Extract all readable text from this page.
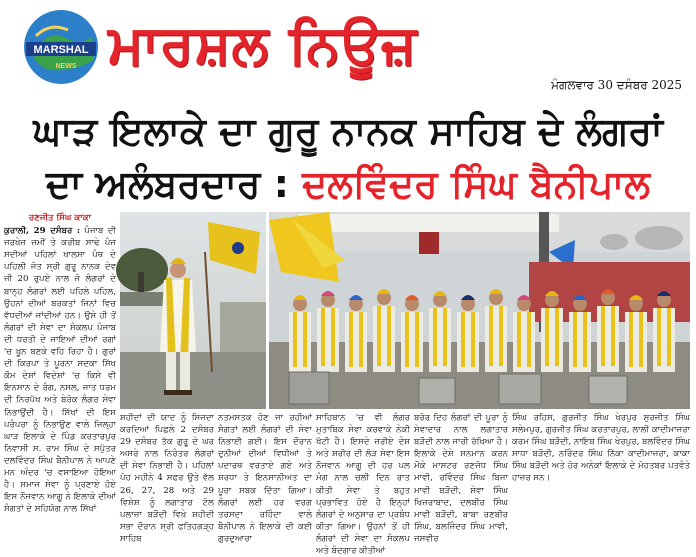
MARSHAL
NEWS ਮਾਰਸ਼ਲ ਨਿਊਜ਼
ਮੰਗਲਵਾਰ 30 ਦਸੰਬਰ 2025
ਘਾੜ ਇਲਾਕੇ ਦਾ ਗੁਰੂ ਨਾਨਕ ਸਾਹਿਬ ਦੇ ਲੰਗਰਾਂ
ਦਾ ਅਲੰਬਰਦਾਰ : ਦਲਵਿੰਦਰ ਸਿੰਘ ਬੈਨੀਪਾਲ
ਰਣਜੀਤ ਸਿੰਘ ਕਾਕਾ
ਕੁਰਾਲੀ, 29 ਦਸੰਬਰ : ਪੰਜਾਬ ਦੀ ਜਰਖੇਜ਼ ਜ਼ਮੀਂ ਤੇ ਕਰੀਬ ਸਾਢੇ ਪੰਜ ਸਦੀਆਂ ਪਹਿਲਾਂ ਖਾਲਸਾ ਪੰਥ ਦੇ ਪਹਿਲੀ ਜੋਤ ਸ੍ਰੀ ਗੁਰੂ ਨਾਨਕ ਦੇਵ ਜੀ 20 ਰੁਪਏ ਨਾਲ ਜੋ ਲੰਗਰਾਂ ਦੇ ਬਾਨ੍ਹ ਲੰਗਰਾਂ ਲਈ ਪਹਿਲੇ ਪਹਿਲ, ਉਹਨਾਂ ਦੀਆਂ ਬਰਕਤਾਂ ਜਿਨਾਂ ਵਿਚ ਵੱਧਦੀਆਂ ਜਾਂਦੀਆਂ ਹਨ। ਉਸੇ ਹੀ ਤੋਂ ਲੰਗਰਾਂ ਦੀ ਸੇਵਾ ਦਾ ਸੰਕਲਪ ਪੰਜਾਬ ਦੀ ਧਰਤੀ ਦੇ ਜਾਇਆਂ ਦੀਆਂ ਰਗਾਂ 'ਚ ਖੂਨ ਬਣਕੇ ਵਹਿ ਰਿਹਾ ਹੈ। ਗੁਰਾਂ ਦੀ ਕਿਰਪਾ ਤੇ ਪੂਰਨਾ ਸਦਕਾ ਸਿੱਖ ਕੌਮ ਦੇਸ਼ਾਂ ਵਿਦੇਸ਼ਾਂ 'ਚ ਕਿਸੇ ਵੀ ਇਨਸਾਨ ਦੇ ਰੰਗ, ਨਸਲ, ਜਾਤ ਧਰਮ ਦੀ ਨਿਰਪੱਖ ਅਤੇ ਬੇਰੋਕ ਲੰਗਰ ਸੇਵਾ ਨਿਭਾਉਂਦੀ ਹੈ। ਸਿੱਖਾਂ ਦੀ ਇਸ ਪਰੰਪਰਾ ਨੂੰ ਨਿਭਾਉਣ ਵਾਲੇ ਜ਼ਿਲ੍ਹਾ ਘਾੜ ਇਲਾਕੇ ਦੇ ਪਿੰਡ ਕਰਤਾਰਪੁਰ ਨਿਵਾਸੀ ਸ. ਰਾਮ ਸਿੰਘ ਦੇ ਸਪੁੱਤਰ ਦਲਵਿੰਦਰ ਸਿੰਘ ਬੈਨੀਪਾਲ ਨੇ ਆਪਣੇ ਮਨ ਅੰਦਰ 'ਚ ਵਸਾਇਆ ਹੋਇਆ ਹੈ। ਸਮਾਜ ਸੇਵਾ ਨੂੰ ਪ੍ਰਣਾਏ ਹੋਏ ਇਸ ਨੌਜਵਾਨ ਆਗੂ ਨੇ ਇਲਾਕੇ ਦੀਆਂ ਸੰਗਤਾਂ ਦੇ ਸਹਿਯੋਗ ਨਾਲ ਸਿੱਖਾਂ
ਸ਼ਹੀਦਾਂ ਦੀ ਯਾਦ ਨੂੰ ਸਿਜਦਾ ਕਰਦਿਆਂ ਪਿਛਲੇ 2 ਦਸੰਬਰ 29 ਦਸੰਬਰ ਤੱਕ ਗੁਰੂ ਦੇ ਘਰ ਅਸਰੇ ਨਾਲ ਨਿਰੰਤਰ ਲੰਗਰਾਂ ਦੀ ਸੇਵਾ ਨਿਭਾਈ ਹੈ। ਪਹਿਲਾਂ ਪੋਹ ਮਹੀਨੇ 4 ਸਫਰ ਉਤੇ ਵੱਲ 26, 27, 28 ਅਤੇ 29 ਵਿਸ਼ੇਸ਼ ਨੂੰ ਲਗਾਤਾਰ ਟੋਲ ਪਲਾਜ਼ਾ ਬੜੌਦੀ ਵਿਖੇ ਸ਼ਹੀਦੀ ਸਭਾ ਦੌਰਾਨ ਸ੍ਰੀ ਫਤਿਹਗੜ੍ਹ ਸਾਹਿਬ
ਨਤਮਸਤਕ ਹੋਣ ਜਾ ਰਹੀਆਂ ਸੰਗਤਾਂ ਲਈ ਲੰਗਰਾਂ ਦੀ ਸੇਵਾ ਨਿਭਾਈ ਗਈ। ਇਸ ਦੌਰਾਨ ਦੁਨੀਆਂ ਦੀਆਂ ਵਿਧੀਆਂ ਤੇ ਪਦਾਰਥ ਵਰਤਾਏ ਗਏ ਅਤੇ ਸ਼ਰਧਾ ਤੇ ਇਨਸਾਨੀਅਤ ਦਾ ਪੂਰਾ ਸਬਕ ਦਿੱਤਾ ਗਿਆ। ਲੰਗਰਾਂ ਲਈ ਹਰ ਵਰਗ ਤਰਸਦਾ ਰਹਿੰਦਾ ਵਾਲੇ ਬੈਨੀਪਾਲ ਨੇ ਇਲਾਕੇ ਦੀ ਕਈ ਗੁਰਦੁਆਰਾ
ਸਾਹਿਬਾਨ 'ਚ ਵੀ ਲੰਗਰ ਮੁਤਾਬਿਕ ਸੇਵਾ ਕਰਵਾਕੇ ਨੇਕੀ ਖੱਟੀ ਹੈ। ਇਸਦੇ ਜ਼ਰੀਏ ਦੇਸ਼ ਅਤੇ ਸ਼ਰੀਰ ਦੀ ਲੋੜ ਸੇਵਾ ਇਸ ਨੌਜਵਾਨ ਆਗੂ ਦੀ ਹਰ ਪਲ ਮੰਗ ਨਾਲ ਚਲੀ ਦਿਨ ਰਾਤ ਕੀਤੀ ਸੇਵਾ ਤੇ ਬਹੁਤ ਪ੍ਰਭਾਵਿਤ ਹੋਏ ਹੈ ਇਨ੍ਹਾਂ ਲੰਗਰਾਂ ਦੇ ਅਨੁਸਾਰ ਦਾ ਪ੍ਰਬੰਧ ਕੀਤਾ ਗਿਆ। ਉਹਨਾਂ ਤੋਂ ਹੀ ਲੰਗਰਾਂ ਦੀ ਸੇਵਾ ਦਾ ਸੰਕਲਪ ਅਤੇ ਬੰਦਗਾਰ ਕੀਤੀਆਂ
ਬਰੋਰ ਦਿਹ ਲੰਗਰਾਂ ਦੀ ਪੂਰਾ ਨੂੰ ਸੇਵਾਦਾਰ ਨਾਲ ਲਗਾਤਾਰ ਬੜੌਦੀ ਨਾਲ ਜਾਰੀ ਰੱਖਿਆ ਹੈ। ਇਲਾਕੇ ਦੇਸ਼ੇ ਸਨਮਾਨ ਕਰਨ ਮੌਕੇ ਮਾਸਟਰ ਰਣਜੋਧ ਸਿੰਘ ਮਾਵੀ, ਰਵਿੰਦਰ ਸਿੰਘ ਬਿਜਾ ਮਾਵੀ ਬੜੌਦੀ, ਸੇਵਾ ਸਿੰਘ ਖਿਜ਼ਰਾਬਾਦ, ਦਲਬੀਰ ਸਿੰਘ ਮਾਵੀ ਬੜੌਦੀ, ਬਾਬਾ ਰਣਬੀਰ ਸਿੰਘ, ਬਲਜਿੰਦਰ ਸਿੰਘ ਮਾਵੀ, ਜਸਵੀਰ
ਸਿੰਘ ਰਹਿਸ, ਗੁਰਜੀਤ ਸਿੰਘ ਖੇਰਪੁਰ ਸੁਰਜੀਤ ਸਿੰਘ ਸਲੇਮਪੁਰ, ਗੁਰਜੀਤ ਸਿੰਘ ਕਰਤਾਰਪੁਰ, ਲਾਲੀ ਕਾਦੀਮਾਜਰਾ ਕਰਮ ਸਿੰਘ ਬੜੌਦੀ, ਨਾਇਬ ਸਿੰਘ ਖੇਰਪੁਰ, ਬਲਵਿੰਦਰ ਸਿੰਘ ਸਾਧਾ ਬੜੌਦੀ, ਨਰਿੰਦਰ ਸਿੰਘ ਨਿੱਕਾ ਕਾਦੀਮਾਜਰਾ, ਕਾਕਾ ਸਿੰਘ ਬੜੌਦੀ ਅਤੇ ਹੋਰ ਅਨੇਕਾਂ ਇਲਾਕੇ ਦੇ ਮੋਹਤਬਰ ਪਤਵੰਤੇ ਹਾਜ਼ਰ ਸਨ।
